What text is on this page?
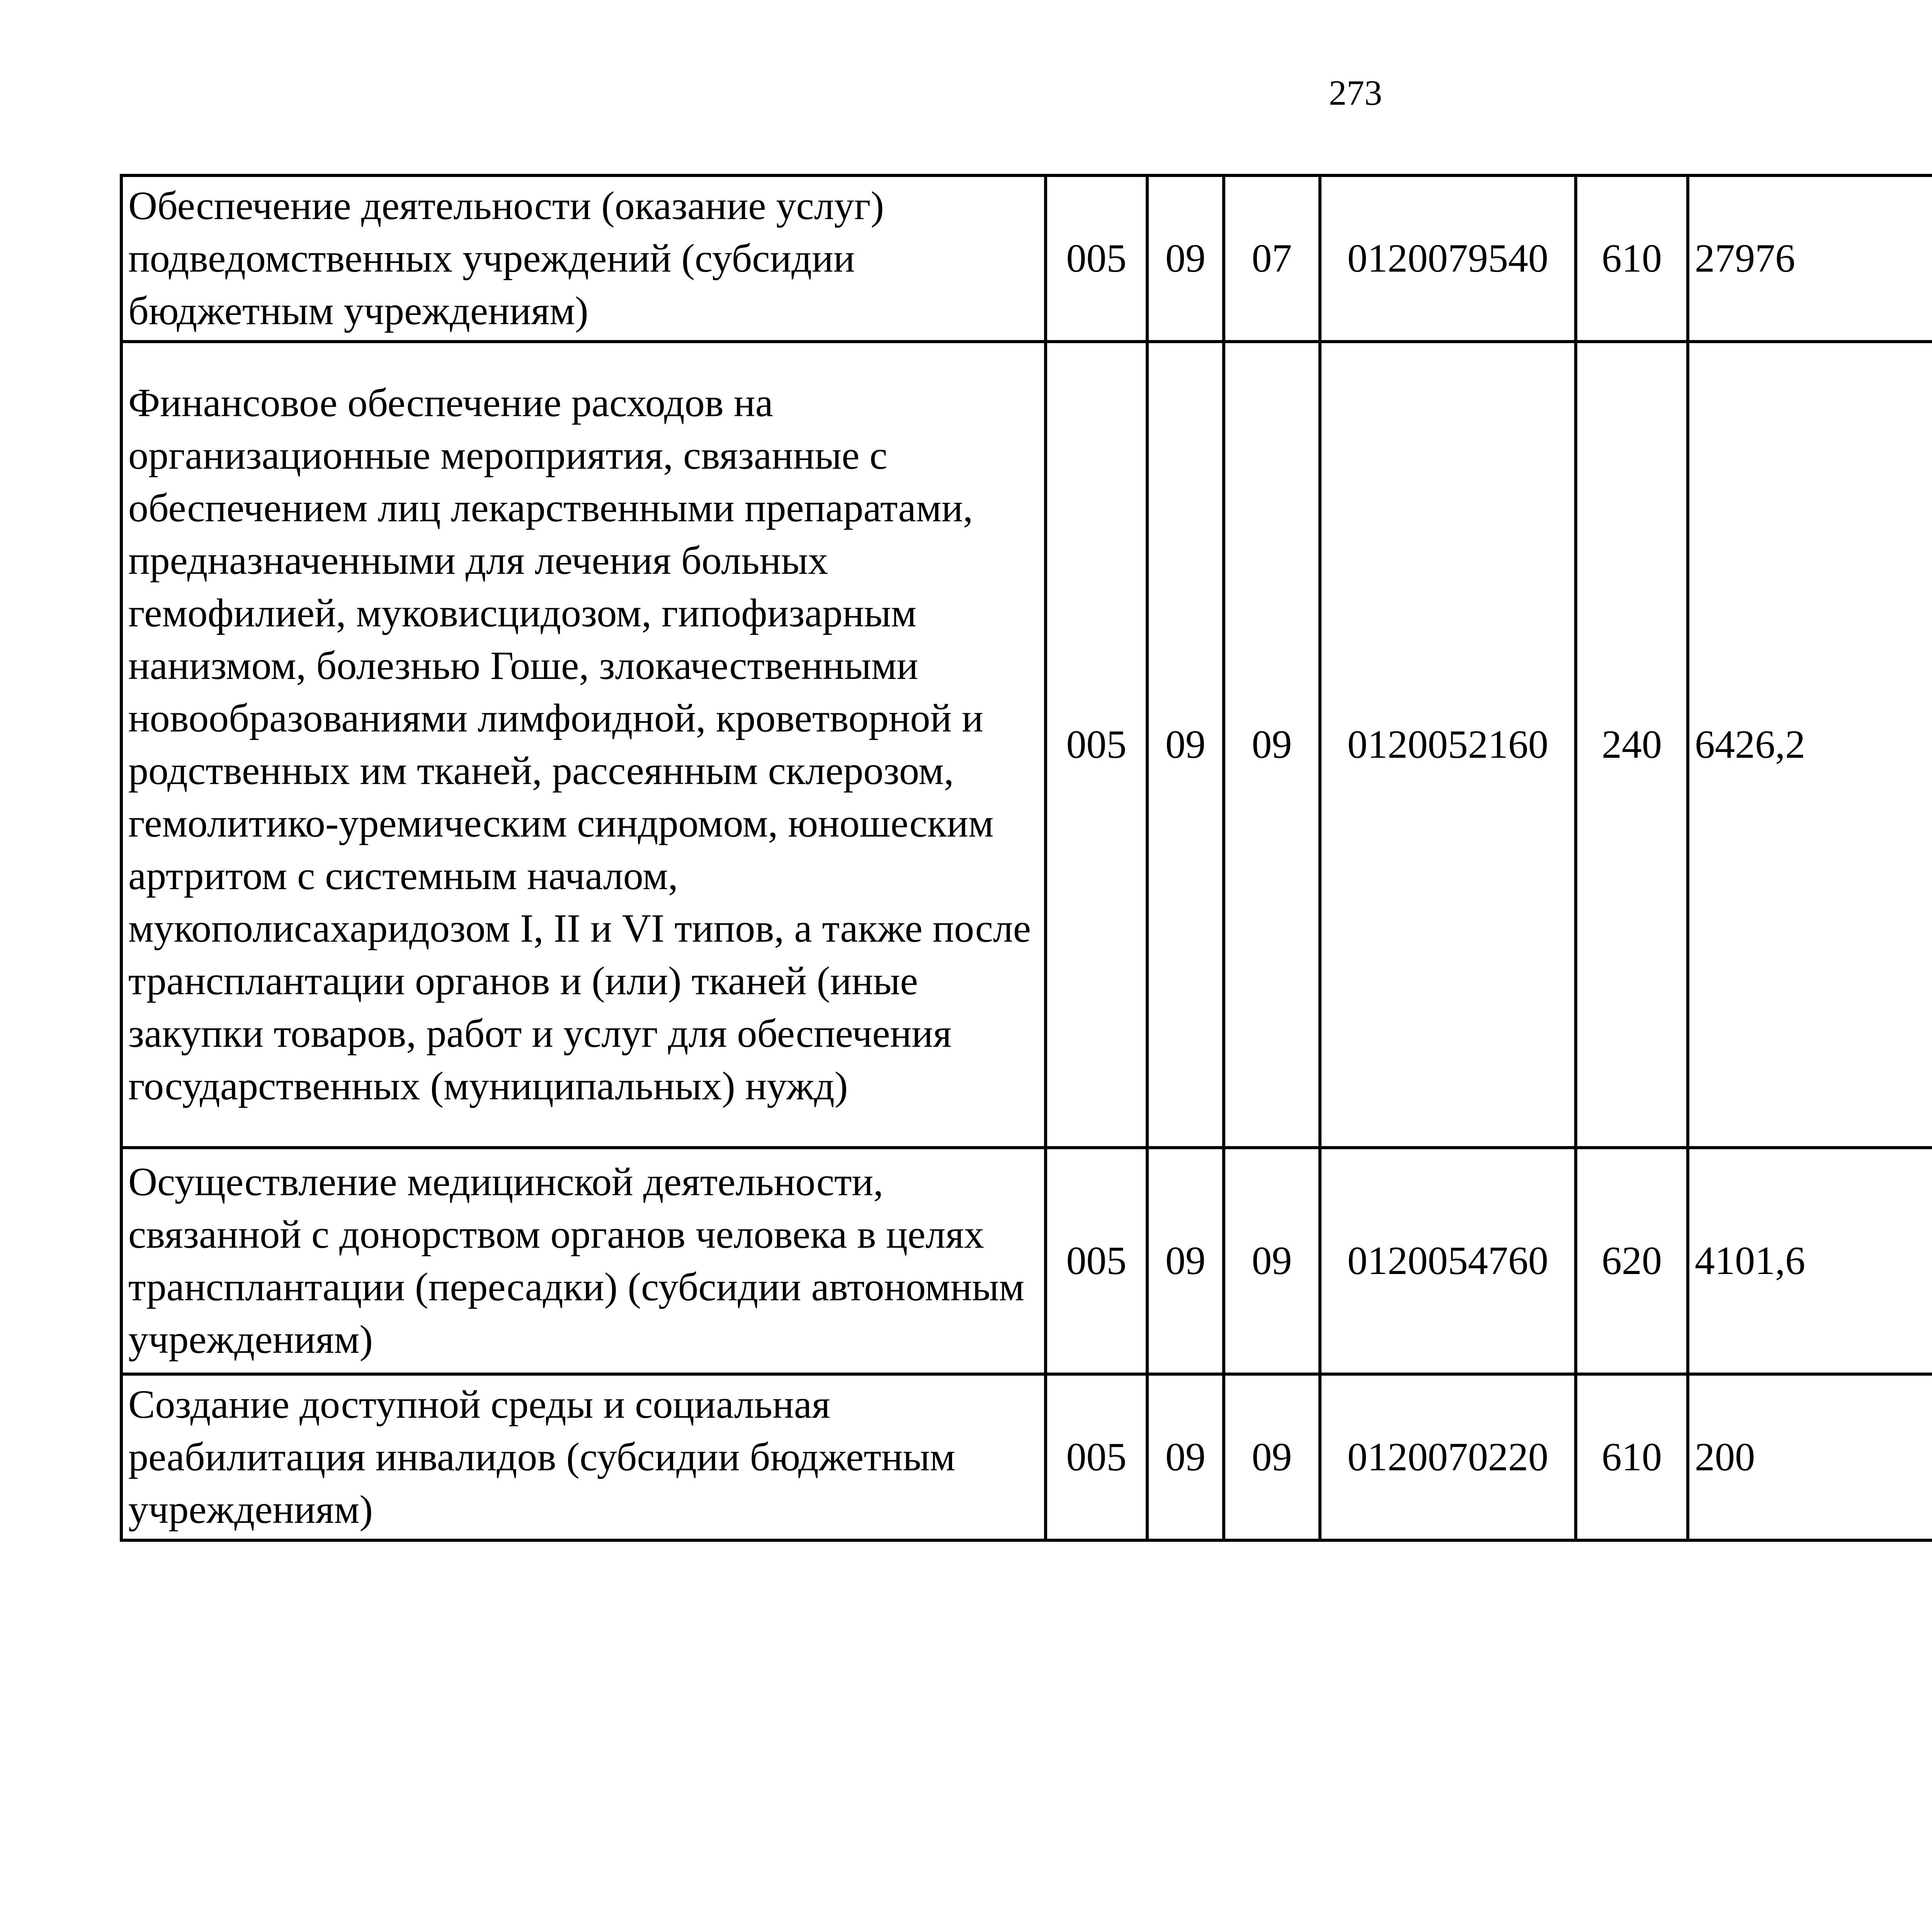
273
Обеспечение деятельности (оказание услуг) подведомственных учреждений (субсидии бюджетным учреждениям)	005	09	07	0120079540	610	27976		
Финансовое обеспечение расходов на организационные мероприятия, связанные с обеспечением лиц лекарственными препаратами, предназначенными для лечения больных гемофилией, муковисцидозом, гипофизарным нанизмом, болезнью Гоше, злокачественными новообразованиями лимфоидной, кроветворной и родственных им тканей, рассеянным склерозом, гемолитико-уремическим синдромом, юношеским артритом с системным началом, мукополисахаридозом I, II и VI типов, а также после трансплантации органов и (или) тканей (иные закупки товаров, работ и услуг для обеспечения государственных (муниципальных) нужд)	005	09	09	0120052160	240	6426,2		
Осуществление медицинской деятельности, связанной с донорством органов человека в целях трансплантации (пересадки) (субсидии автономным учреждениям)	005	09	09	0120054760	620	4101,6		
Создание доступной среды и социальная реабилитация инвалидов (субсидии бюджетным учреждениям)	005	09	09	0120070220	610	200		
